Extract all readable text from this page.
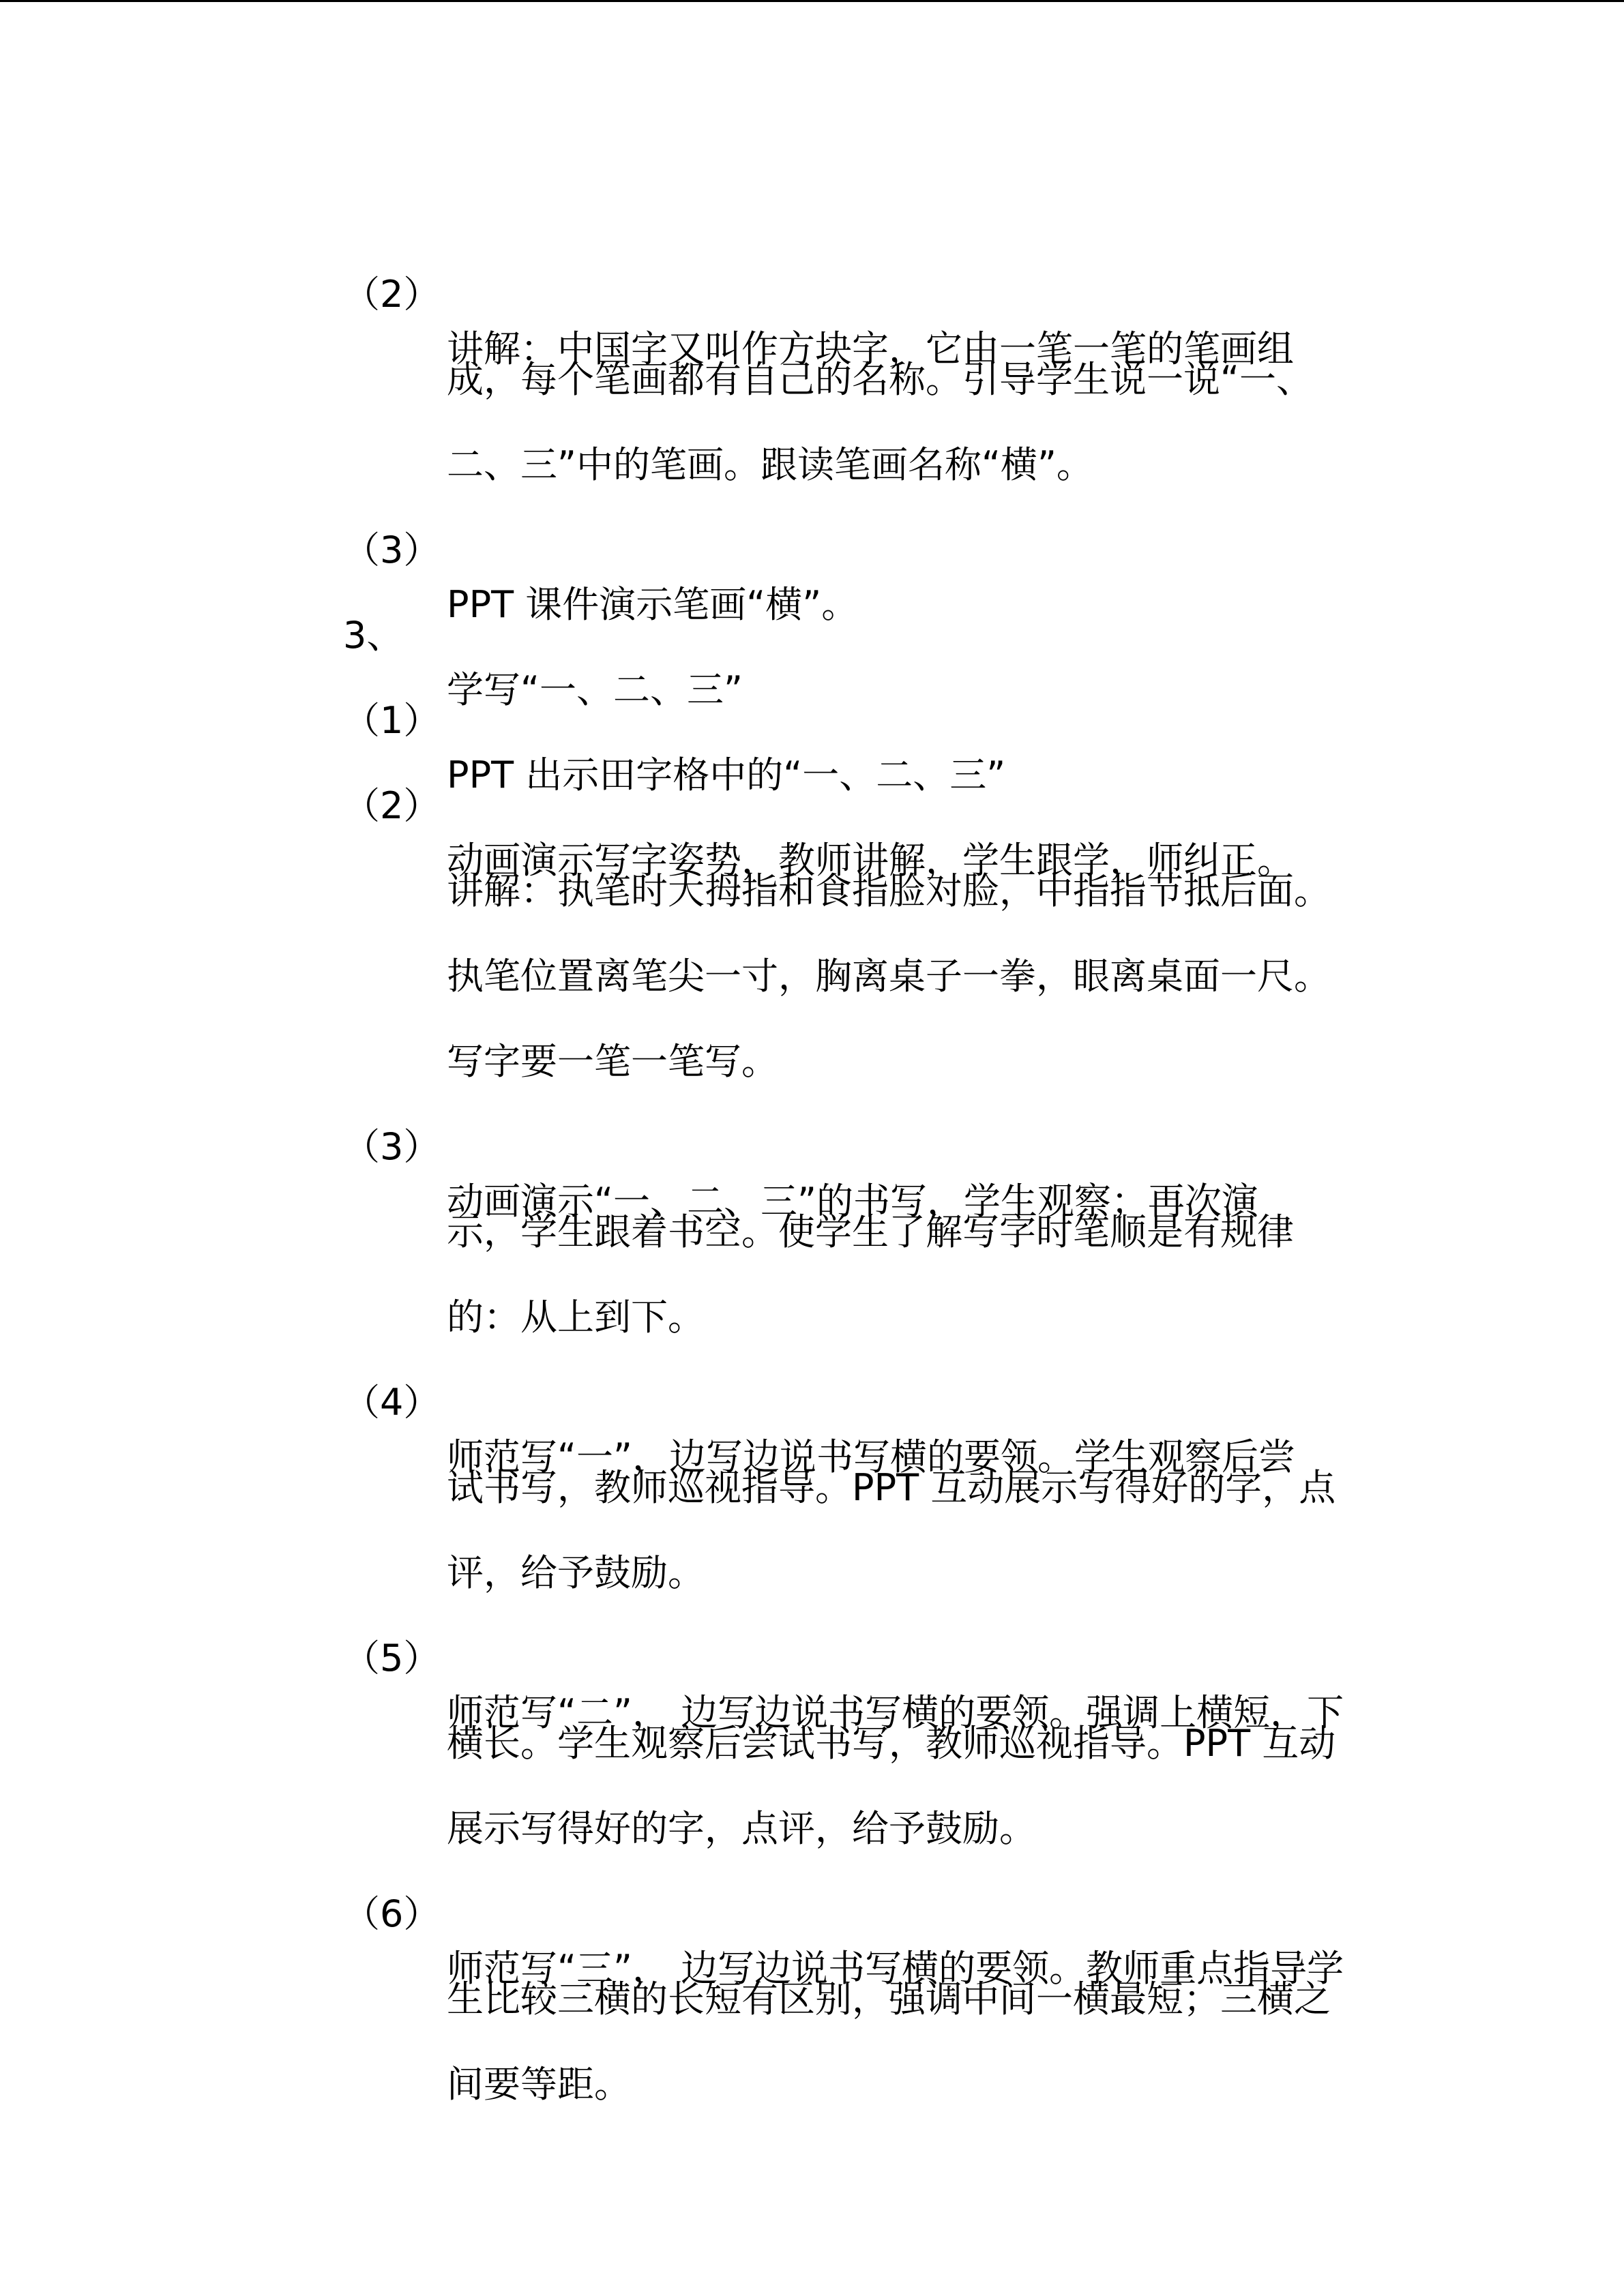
（2）

讲解：中国字又叫作方块字，它由一笔一笔的笔画组

成，每个笔画都有自己的名称。引导学生说一说“一、

二、三”中的笔画。跟读笔画名称“横”。

（3）

PPT 课件演示笔画“横”。

3、

学写“一、二、三”

（1）

PPT 出示田字格中的“一、二、三”

（2）

动画演示写字姿势，教师讲解，学生跟学，师纠正。

讲解：执笔时大拇指和食指脸对脸，中指指节抵后面。

执笔位置离笔尖一寸，胸离桌子一拳，眼离桌面一尺。

写字要一笔一笔写。

（3）

动画演示“一、二、三”的书写，学生观察；再次演

示，学生跟着书空。使学生了解写字时笔顺是有规律

的：从上到下。

（4）

师范写“一”，边写边说书写横的要领。学生观察后尝

试书写，教师巡视指导。PPT 互动展示写得好的字，点

评，给予鼓励。

（5）

师范写“二”， 边写边说书写横的要领。强调上横短，下

横长。学生观察后尝试书写，教师巡视指导。PPT 互动

展示写得好的字，点评，给予鼓励。

（6）

师范写“三”， 边写边说书写横的要领。教师重点指导学

生比较三横的长短有区别，强调中间一横最短；三横之

间要等距。
